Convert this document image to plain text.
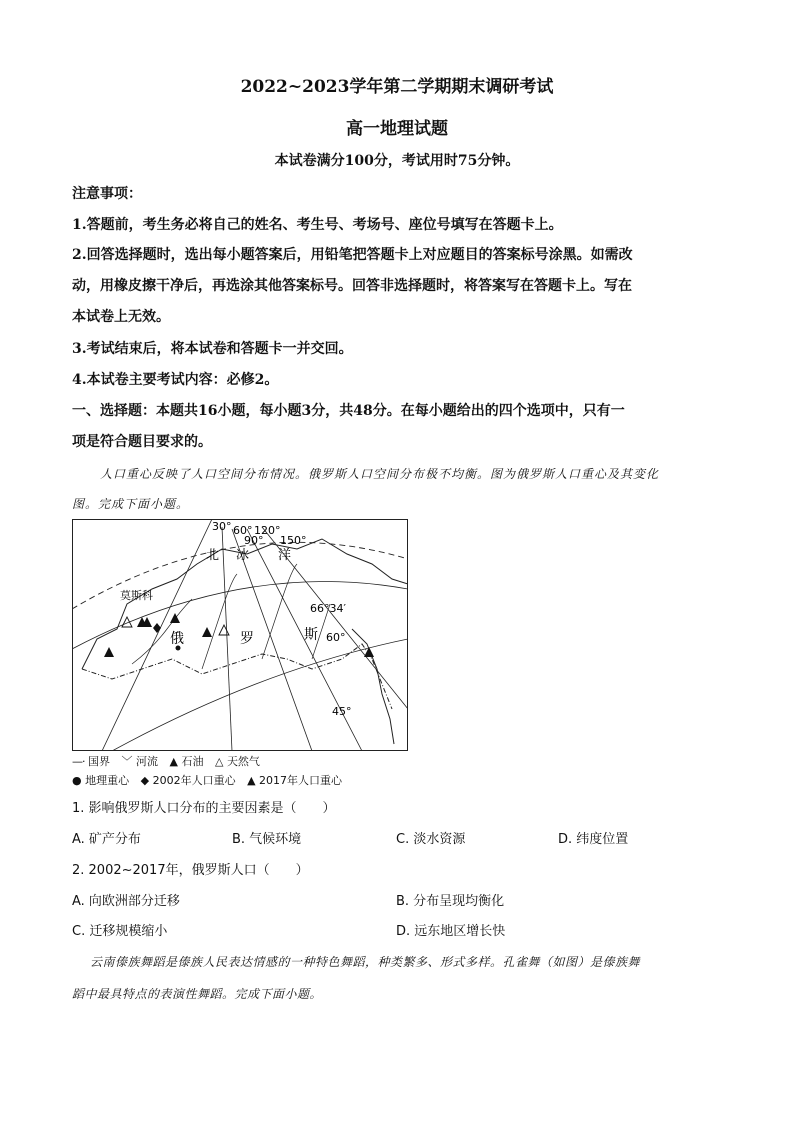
2022~2023学年第二学期期末调研考试
高一地理试题
本试卷满分100分，考试用时75分钟。
注意事项：
1.答题前，考生务必将自己的姓名、考生号、考场号、座位号填写在答题卡上。
2.回答选择题时，选出每小题答案后，用铅笔把答题卡上对应题目的答案标号涂黑。如需改
动，用橡皮擦干净后，再选涂其他答案标号。回答非选择题时，将答案写在答题卡上。写在
本试卷上无效。
3.考试结束后，将本试卷和答题卡一并交回。
4.本试卷主要考试内容：必修2。
一、选择题：本题共16小题，每小题3分，共48分。在每小题给出的四个选项中，只有一
项是符合题目要求的。
人口重心反映了人口空间分布情况。俄罗斯人口空间分布极不均衡。图为俄罗斯人口重心及其变化
图。完成下面小题。
30° 60° 120°
90° 150°
北 冰 洋
66°34′
莫斯科
俄	罗	斯 60°
45°
—· 国界 ﹀ 河流 ▲ 石油 △ 天然气
● 地理重心 ◆ 2002年人口重心 ▲ 2017年人口重心
1. 影响俄罗斯人口分布的主要因素是（　　）
A. 矿产分布	B. 气候环境	C. 淡水资源	D. 纬度位置
2. 2002~2017年，俄罗斯人口（　　）
A. 向欧洲部分迁移	B. 分布呈现均衡化
C. 迁移规模缩小	D. 远东地区增长快
云南傣族舞蹈是傣族人民表达情感的一种特色舞蹈，种类繁多、形式多样。孔雀舞（如图）是傣族舞
蹈中最具特点的表演性舞蹈。完成下面小题。
